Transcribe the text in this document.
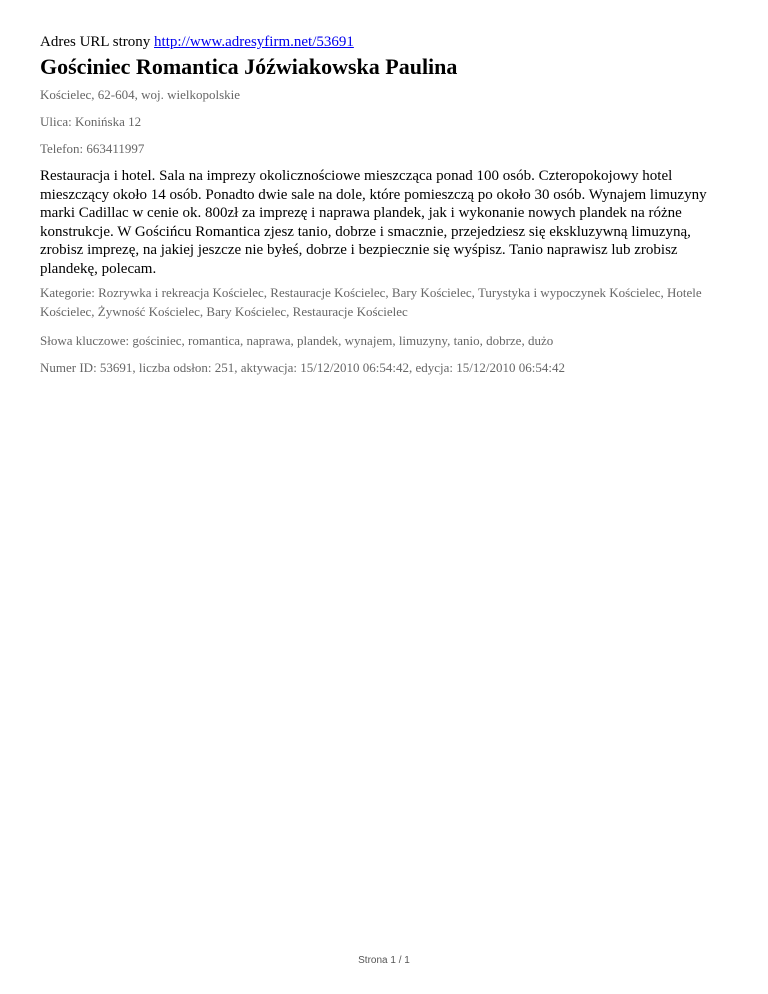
Adres URL strony http://www.adresyfirm.net/53691

Gościniec Romantica Jóźwiakowska Paulina

Kościelec, 62-604, woj. wielkopolskie

Ulica: Konińska 12

Telefon: 663411997

Restauracja i hotel. Sala na imprezy okolicznościowe mieszcząca ponad 100 osób. Czteropokojowy hotel mieszczący około 14 osób. Ponadto dwie sale na dole, które pomieszczą po około 30 osób. Wynajem limuzyny marki Cadillac w cenie ok. 800zł za imprezę i naprawa plandek, jak i wykonanie nowych plandek na różne konstrukcje. W Gościńcu Romantica zjesz tanio, dobrze i smacznie, przejedziesz się ekskluzywną limuzyną, zrobisz imprezę, na jakiej jeszcze nie byłeś, dobrze i bezpiecznie się wyśpisz. Tanio naprawisz lub zrobisz plandekę, polecam.

Kategorie: Rozrywka i rekreacja Kościelec, Restauracje Kościelec, Bary Kościelec, Turystyka i wypoczynek Kościelec, Hotele Kościelec, Żywność Kościelec, Bary Kościelec, Restauracje Kościelec

Słowa kluczowe: gościniec, romantica, naprawa, plandek, wynajem, limuzyny, tanio, dobrze, dużo

Numer ID: 53691, liczba odsłon: 251, aktywacja: 15/12/2010 06:54:42, edycja: 15/12/2010 06:54:42

Strona 1 / 1
